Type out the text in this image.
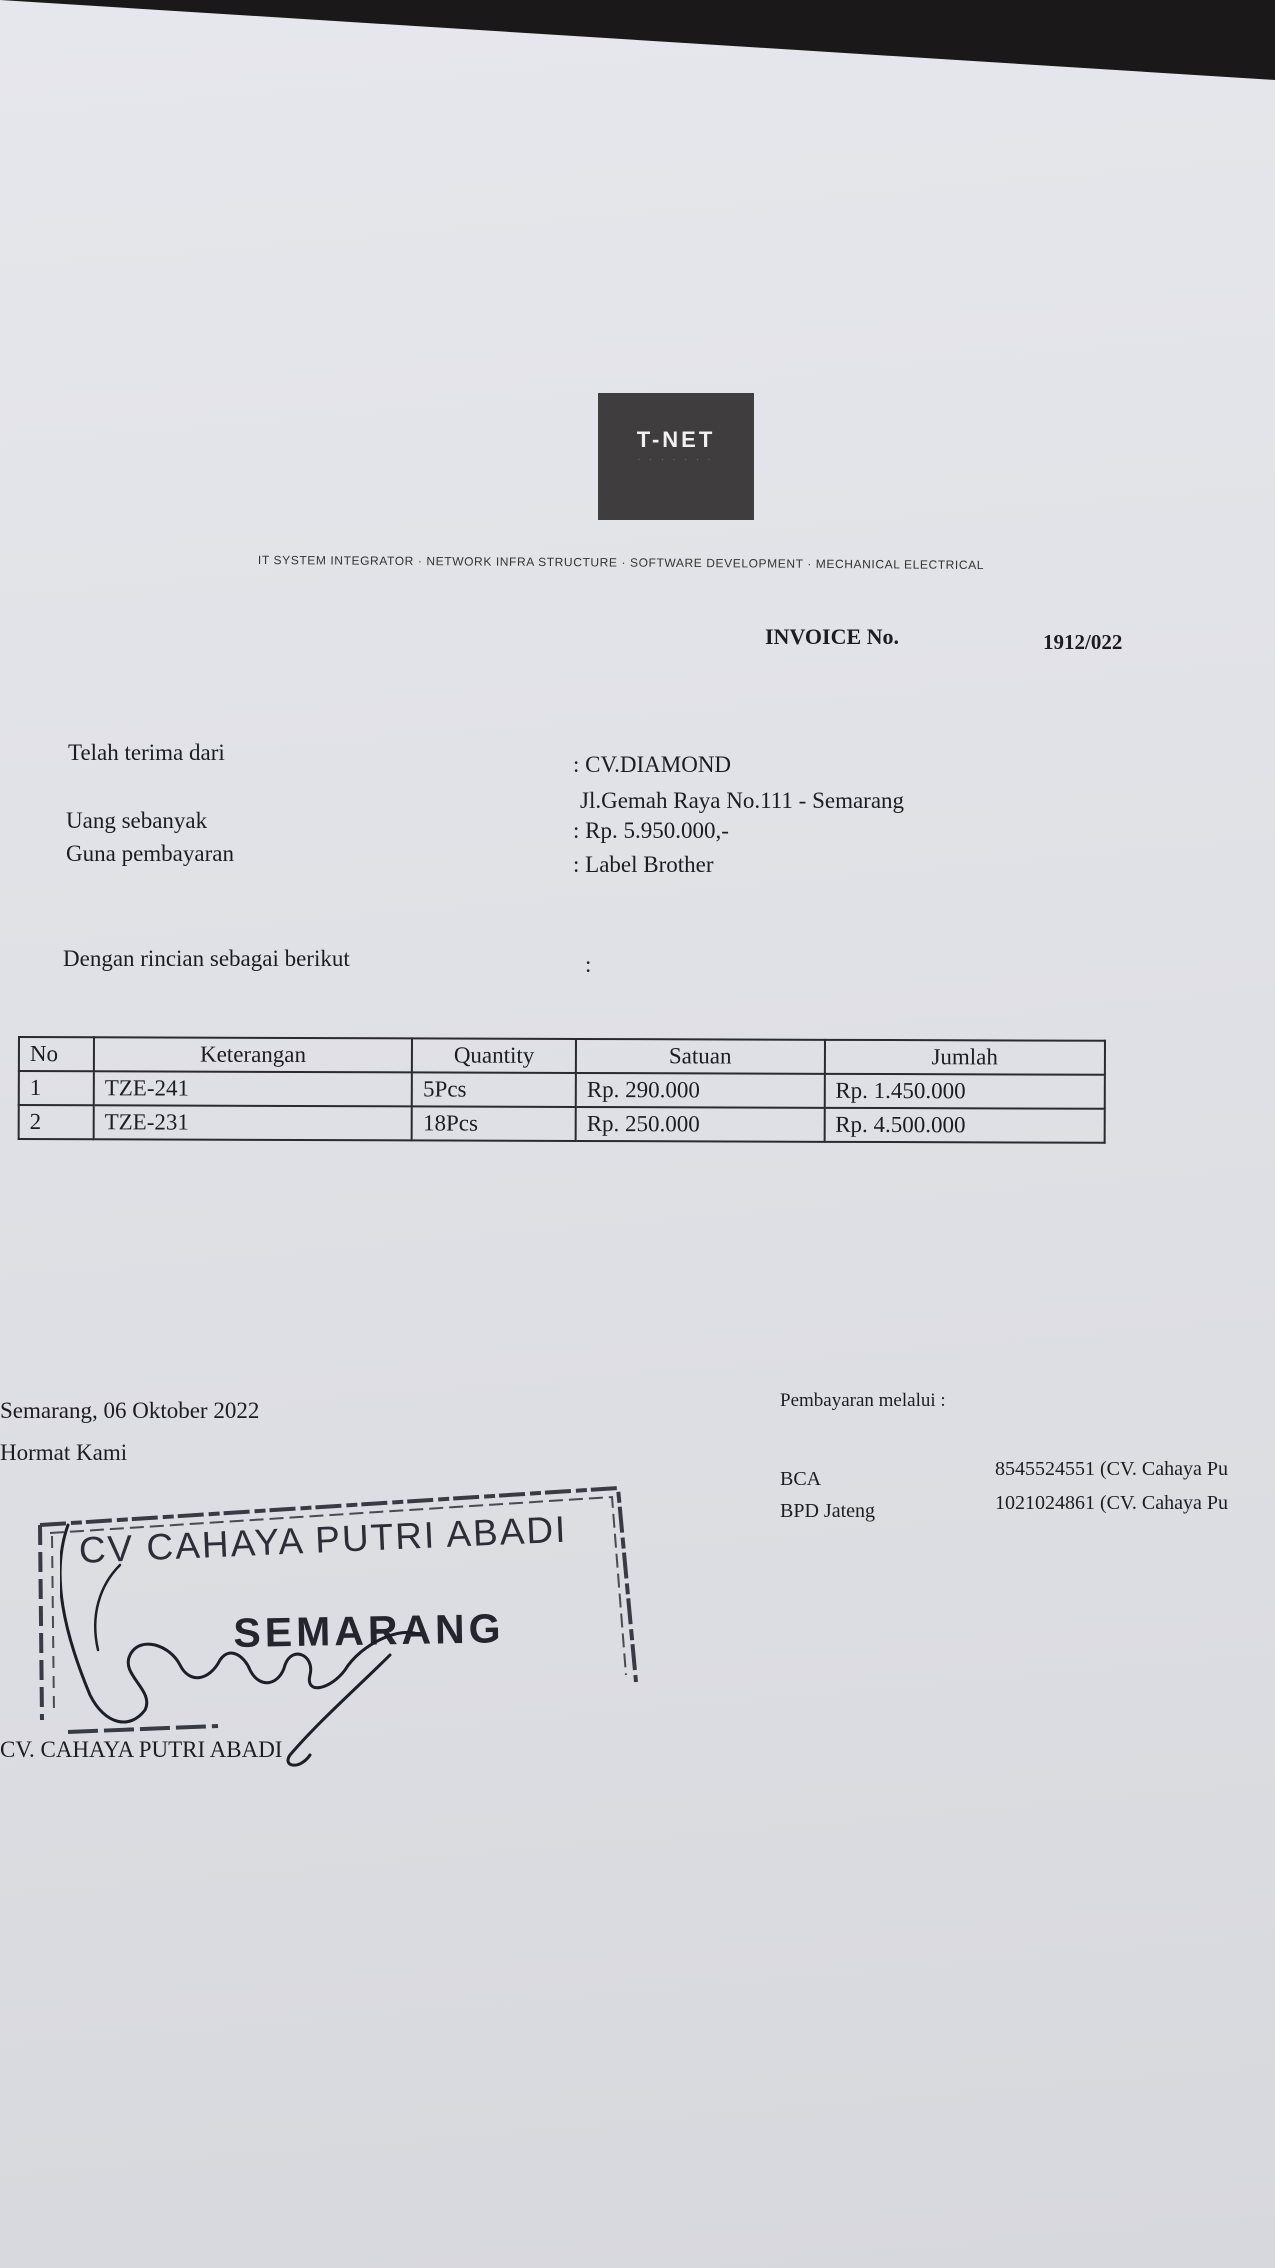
T-NET
· · · · · · ·
IT SYSTEM INTEGRATOR · NETWORK INFRA STRUCTURE · SOFTWARE DEVELOPMENT · MECHANICAL ELECTRICAL
INVOICE No.	1912/022
Telah terima dari	: CV.DIAMOND
Jl.Gemah Raya No.111 - Semarang
Uang sebanyak	: Rp. 5.950.000,-
Guna pembayaran	: Label Brother
Dengan rincian sebagai berikut	:
No	Keterangan	Quantity	Satuan	Jumlah
1	TZE-241	5Pcs	Rp. 290.000	Rp. 1.450.000
2	TZE-231	18Pcs	Rp. 250.000	Rp. 4.500.000
Semarang, 06 Oktober 2022
Hormat Kami
CV CAHAYA PUTRI ABADI
SEMARANG
CV. CAHAYA PUTRI ABADI
Pembayaran melalui :
BCA	8545524551 (CV. Cahaya Pu
BPD Jateng	1021024861 (CV. Cahaya Pu
